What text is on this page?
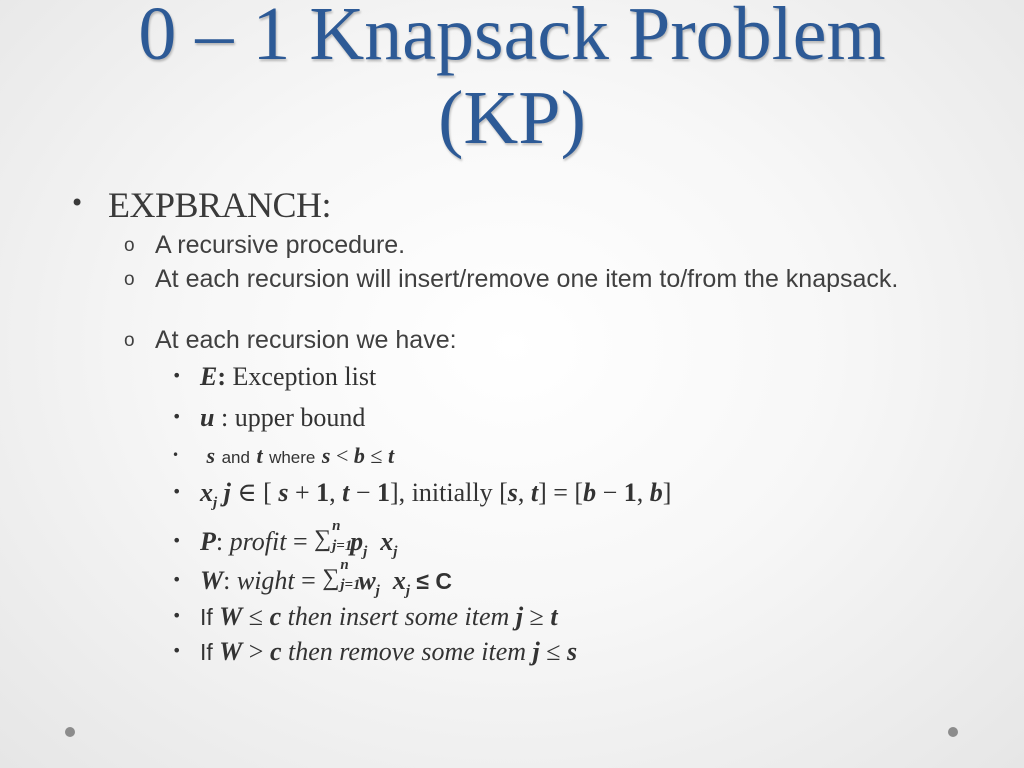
0 – 1 Knapsack Problem
(KP)
• EXPBRANCH:
o A recursive procedure.
o At each recursion will insert/remove one item to/from the knapsack.
o At each recursion we have:
• E: Exception list
• u : upper bound
• s and t where s < b ≤ t
• $x_j$ j ∈ [ s + 1, t − 1], initially [s, t] = [b − 1, b]
• P: profit = ∑ n
j=1
$p_j$ $x_j$
• W: wight = ∑ n
j=1
$w_j$ $x_j \le C$
• If W ≤ c then insert some item j ≥ t
• If W > c then remove some item j ≤ s
